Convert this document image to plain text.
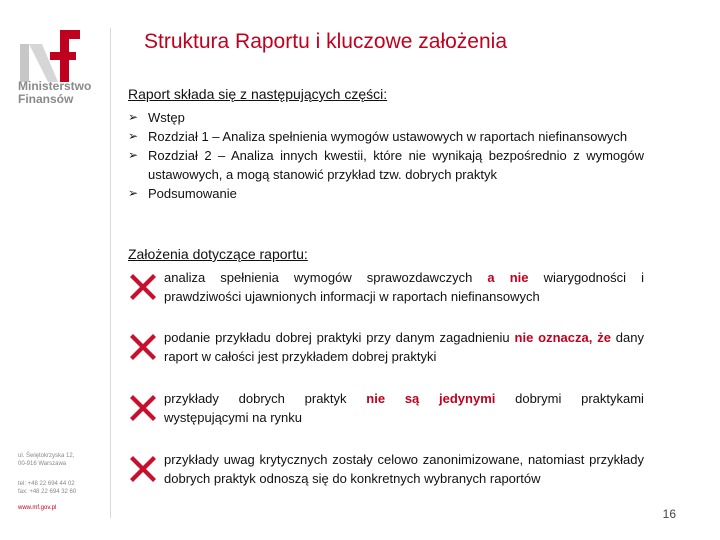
Ministerstwo
Finansów
Struktura Raportu i kluczowe założenia
Raport składa się z następujących części:
➢ Wstęp
➢ Rozdział 1 – Analiza spełnienia wymogów ustawowych w raportach niefinansowych
➢ Rozdział 2 – Analiza innych kwestii, które nie wynikają bezpośrednio z wymogów ustawowych, a mogą stanowić przykład tzw. dobrych praktyk
➢ Podsumowanie
Założenia dotyczące raportu:
analiza spełnienia wymogów sprawozdawczych a nie wiarygodności i prawdziwości ujawnionych informacji w raportach niefinansowych
podanie przykładu dobrej praktyki przy danym zagadnieniu nie oznacza, że dany raport w całości jest przykładem dobrej praktyki
przykłady dobrych praktyk nie są jedynymi dobrymi praktykami
występującymi na rynku
przykłady uwag krytycznych zostały celowo zanonimizowane, natomiast przykłady dobrych praktyk odnoszą się do konkretnych wybranych raportów
ul. Świętokrzyska 12,
00-916 Warszawa
tel: +48 22 694 44 02
fax: +48 22 694 32 60
www.mf.gov.pl	16
